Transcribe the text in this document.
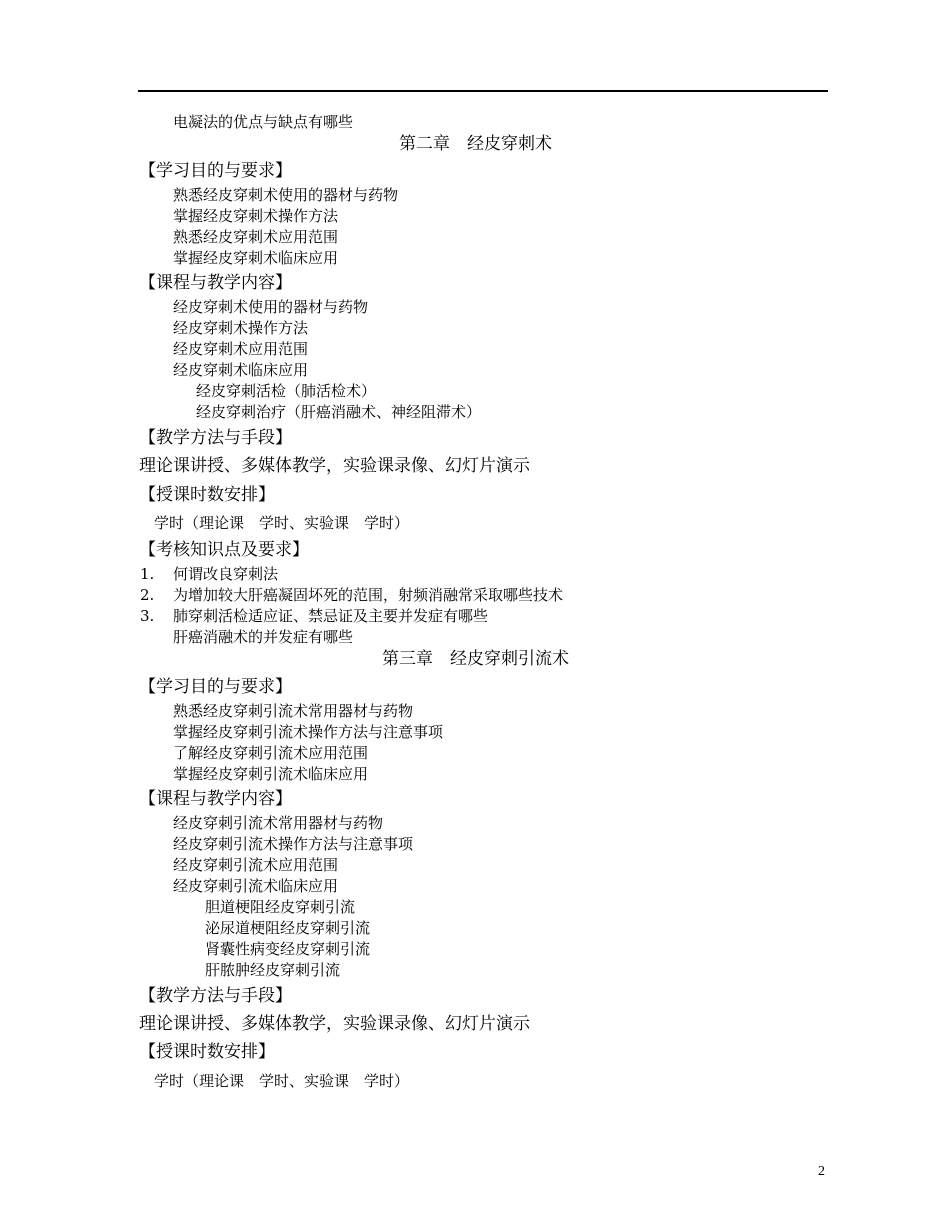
电凝法的优点与缺点有哪些
第二章　经皮穿刺术
【学习目的与要求】
熟悉经皮穿刺术使用的器材与药物
掌握经皮穿刺术操作方法
熟悉经皮穿刺术应用范围
掌握经皮穿刺术临床应用
【课程与教学内容】
经皮穿刺术使用的器材与药物
经皮穿刺术操作方法
经皮穿刺术应用范围
经皮穿刺术临床应用
经皮穿刺活检（肺活检术）
经皮穿刺治疗（肝癌消融术、神经阻滞术）
【教学方法与手段】
理论课讲授、多媒体教学，实验课录像、幻灯片演示
【授课时数安排】
学时（理论课　学时、实验课　学时）
【考核知识点及要求】
1. 何谓改良穿刺法
2. 为增加较大肝癌凝固坏死的范围，射频消融常采取哪些技术
3. 肺穿刺活检适应证、禁忌证及主要并发症有哪些
肝癌消融术的并发症有哪些
第三章　经皮穿刺引流术
【学习目的与要求】
熟悉经皮穿刺引流术常用器材与药物
掌握经皮穿刺引流术操作方法与注意事项
了解经皮穿刺引流术应用范围
掌握经皮穿刺引流术临床应用
【课程与教学内容】
经皮穿刺引流术常用器材与药物
经皮穿刺引流术操作方法与注意事项
经皮穿刺引流术应用范围
经皮穿刺引流术临床应用
胆道梗阻经皮穿刺引流
泌尿道梗阻经皮穿刺引流
肾囊性病变经皮穿刺引流
肝脓肿经皮穿刺引流
【教学方法与手段】
理论课讲授、多媒体教学，实验课录像、幻灯片演示
【授课时数安排】
学时（理论课　学时、实验课　学时）
2
